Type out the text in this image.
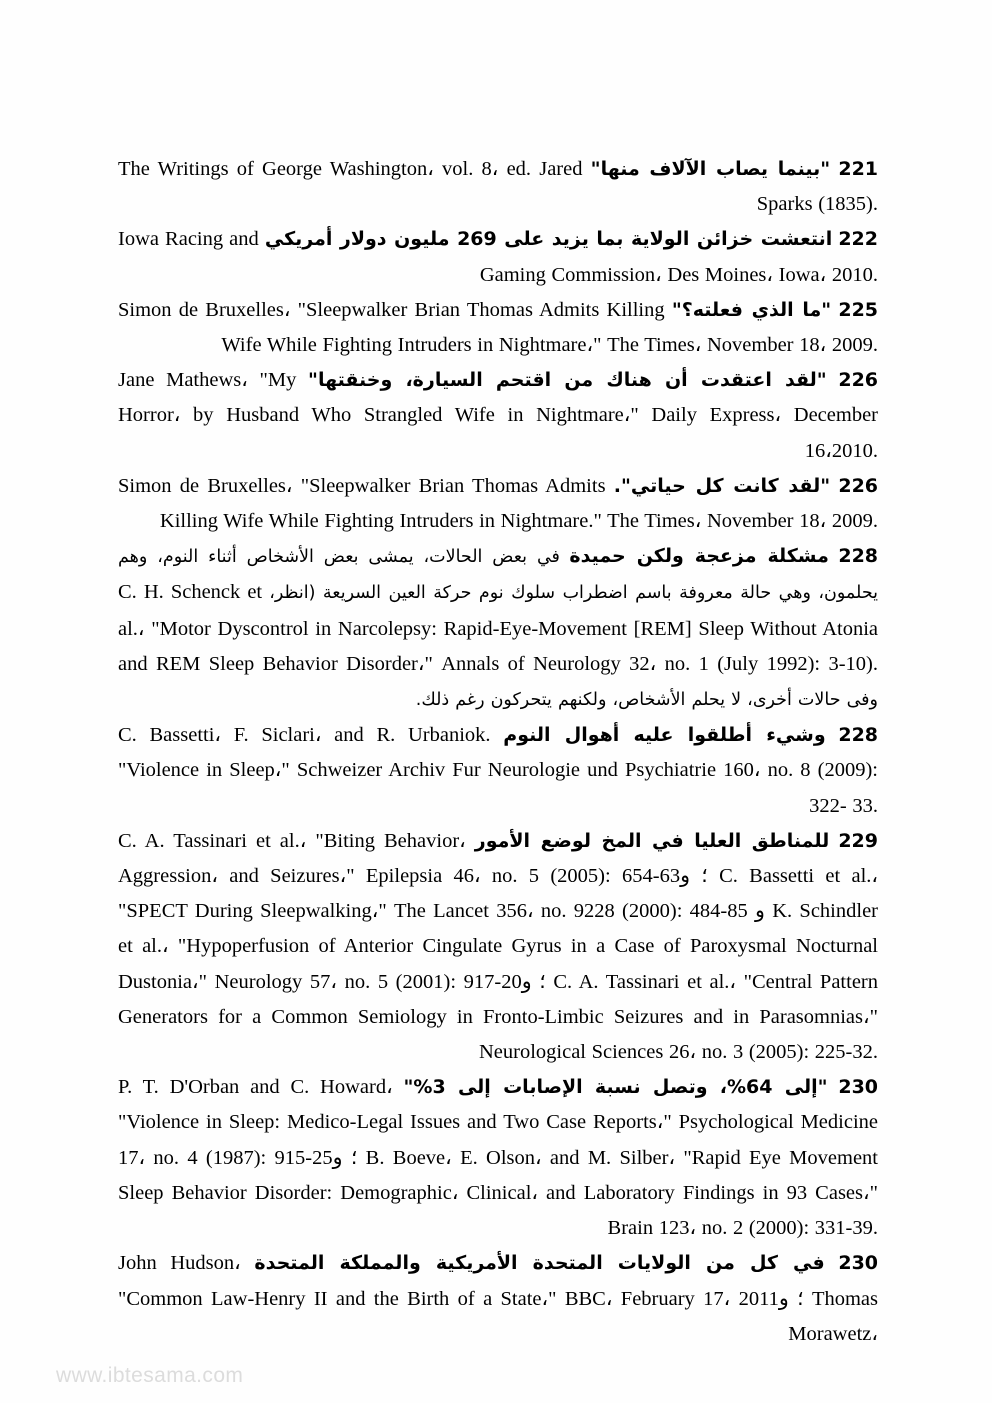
221 "بينما يصاب الآلاف منها" The Writings of George Washington، vol. 8، ed. Jared Sparks (1835).

222 انتعشت خزائن الولاية بما يزيد على 269 مليون دولار أمريكي Iowa Racing and Gaming Commission، Des Moines، Iowa، 2010.

225 "ما الذي فعلته؟" Simon de Bruxelles، "Sleepwalker Brian Thomas Admits Killing Wife While Fighting Intruders in Nightmare،" The Times، November 18، 2009.

226 "لقد اعتقدت أن هناك من اقتحم السيارة، وخنقتها" Jane Mathews، "My Horror، by Husband Who Strangled Wife in Nightmare،" Daily Express، December 16،2010.

226 "لقد كانت كل حياتي". Simon de Bruxelles، "Sleepwalker Brian Thomas Admits Killing Wife While Fighting Intruders in Nightmare." The Times، November 18، 2009.

228 مشكلة مزعجة ولكن حميدة في بعض الحالات، يمشى بعض الأشخاص أثناء النوم، وهم يحلمون، وهي حالة معروفة باسم اضطراب سلوك نوم حركة العين السريعة (انظر، C. H. Schenck et al.، "Motor Dyscontrol in Narcolepsy: Rapid-Eye-Movement [REM] Sleep Without Atonia and REM Sleep Behavior Disorder،" Annals of Neurology 32، no. 1 (July 1992): 3-10). وفى حالات أخرى، لا يحلم الأشخاص، ولكنهم يتحركون رغم ذلك.

228 وشيء أطلقوا عليه أهوال النوم C. Bassetti، F. Siclari، and R. Urbaniok. "Violence in Sleep،" Schweizer Archiv Fur Neurologie und Psychiatrie 160، no. 8 (2009): 322- 33.

229 للمناطق العليا في المخ لوضع الأمور C. A. Tassinari et al.، "Biting Behavior، Aggression، and Seizures،" Epilepsia 46، no. 5 (2005): 654-63؛ و C. Bassetti et al.، "SPECT During Sleepwalking،" The Lancet 356، no. 9228 (2000): 484-85 و K. Schindler et al.، "Hypoperfusion of Anterior Cingulate Gyrus in a Case of Paroxysmal Nocturnal Dustonia،" Neurology 57، no. 5 (2001): 917-20؛ و C. A. Tassinari et al.، "Central Pattern Generators for a Common Semiology in Fronto-Limbic Seizures and in Parasomnias،" Neurological Sciences 26، no. 3 (2005): 225-32.

230 "إلى 64%، وتصل نسبة الإصابات إلى 3%" P. T. D'Orban and C. Howard، "Violence in Sleep: Medico-Legal Issues and Two Case Reports،" Psychological Medicine 17، no. 4 (1987): 915-25؛ و B. Boeve، E. Olson، and M. Silber، "Rapid Eye Movement Sleep Behavior Disorder: Demographic، Clinical، and Laboratory Findings in 93 Cases،" Brain 123، no. 2 (2000): 331-39.

230 في كل من الولايات المتحدة الأمريكية والمملكة المتحدة John Hudson، "Common Law-Henry II and the Birth of a State،" BBC، February 17، 2011؛ و Thomas Morawetz،

www.ibtesama.com
